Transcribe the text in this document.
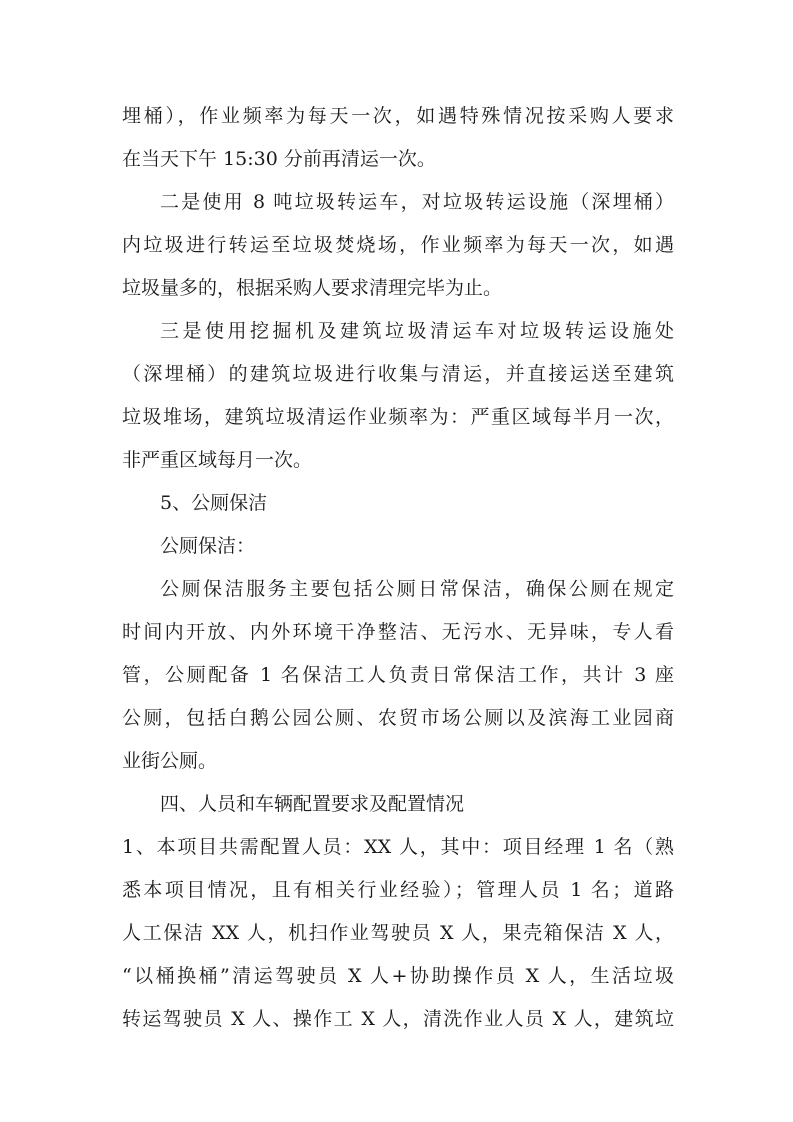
埋桶），作业频率为每天一次，如遇特殊情况按采购人要求
在当天下午 15:30 分前再清运一次。
二是使用 8 吨垃圾转运车，对垃圾转运设施（深埋桶）
内垃圾进行转运至垃圾焚烧场，作业频率为每天一次，如遇
垃圾量多的，根据采购人要求清理完毕为止。
三是使用挖掘机及建筑垃圾清运车对垃圾转运设施处
（深埋桶）的建筑垃圾进行收集与清运，并直接运送至建筑
垃圾堆场，建筑垃圾清运作业频率为：严重区域每半月一次，
非严重区域每月一次。
5、公厕保洁
公厕保洁：
公厕保洁服务主要包括公厕日常保洁，确保公厕在规定
时间内开放、内外环境干净整洁、无污水、无异味，专人看
管，公厕配备 1 名保洁工人负责日常保洁工作，共计 3 座
公厕，包括白鹅公园公厕、农贸市场公厕以及滨海工业园商
业街公厕。
四、人员和车辆配置要求及配置情况
1、本项目共需配置人员：XX 人，其中：项目经理 1 名（熟
悉本项目情况，且有相关行业经验）；管理人员 1 名；道路
人工保洁 XX 人，机扫作业驾驶员 X 人，果壳箱保洁 X 人，
“以桶换桶”清运驾驶员 X 人+协助操作员 X 人，生活垃圾
转运驾驶员 X 人、操作工 X 人，清洗作业人员 X 人，建筑垃
